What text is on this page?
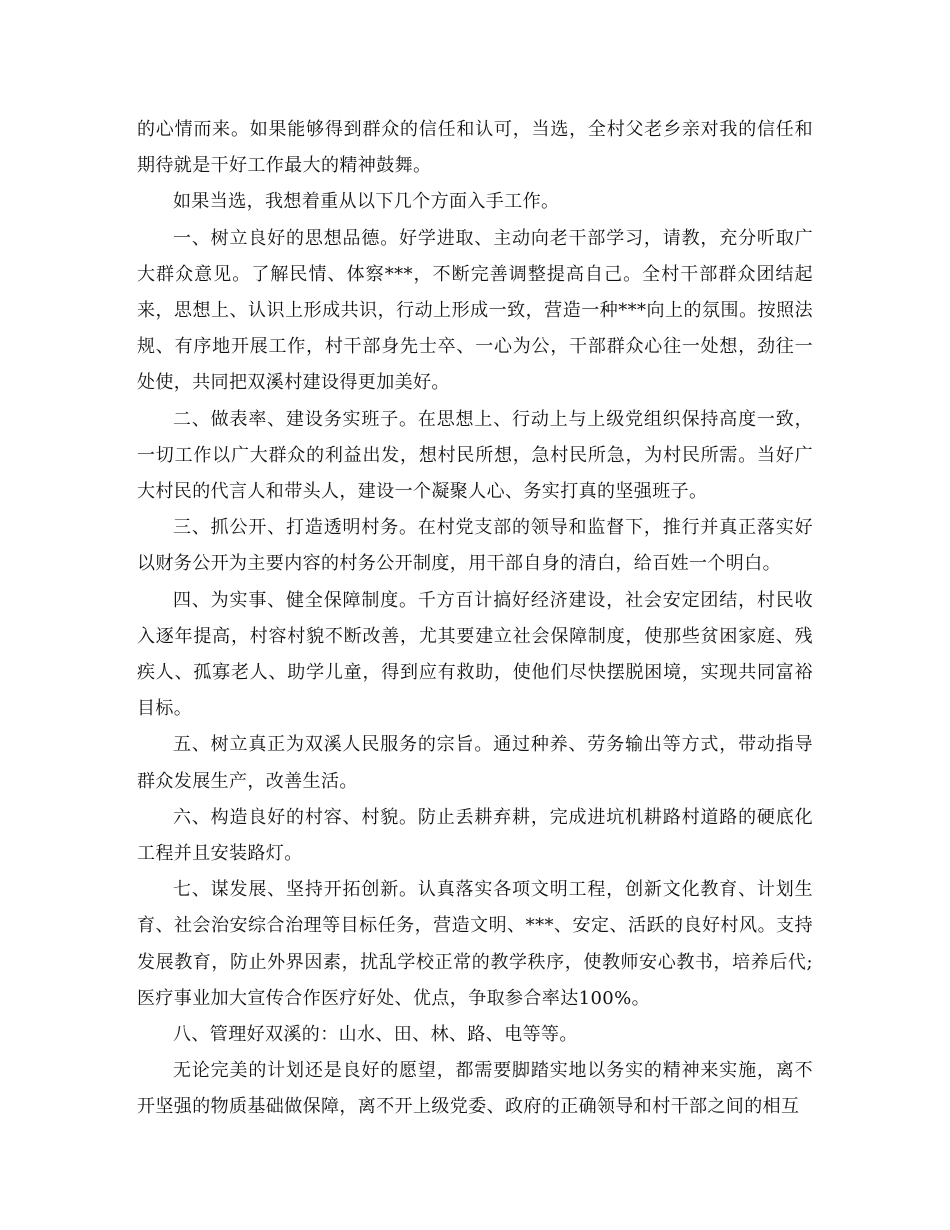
的心情而来。如果能够得到群众的信任和认可，当选，全村父老乡亲对我的信任和期待就是干好工作最大的精神鼓舞。

如果当选，我想着重从以下几个方面入手工作。

一、树立良好的思想品德。好学进取、主动向老干部学习，请教，充分听取广大群众意见。了解民情、体察***，不断完善调整提高自己。全村干部群众团结起来，思想上、认识上形成共识，行动上形成一致，营造一种***向上的氛围。按照法规、有序地开展工作，村干部身先士卒、一心为公，干部群众心往一处想，劲往一处使，共同把双溪村建设得更加美好。

二、做表率、建设务实班子。在思想上、行动上与上级党组织保持高度一致，一切工作以广大群众的利益出发，想村民所想，急村民所急，为村民所需。当好广大村民的代言人和带头人，建设一个凝聚人心、务实打真的坚强班子。

三、抓公开、打造透明村务。在村党支部的领导和监督下，推行并真正落实好以财务公开为主要内容的村务公开制度，用干部自身的清白，给百姓一个明白。

四、为实事、健全保障制度。千方百计搞好经济建设，社会安定团结，村民收入逐年提高，村容村貌不断改善，尤其要建立社会保障制度，使那些贫困家庭、残疾人、孤寡老人、助学儿童，得到应有救助，使他们尽快摆脱困境，实现共同富裕目标。

五、树立真正为双溪人民服务的宗旨。通过种养、劳务输出等方式，带动指导群众发展生产，改善生活。

六、构造良好的村容、村貌。防止丢耕弃耕，完成进坑机耕路村道路的硬底化工程并且安装路灯。

七、谋发展、坚持开拓创新。认真落实各项文明工程，创新文化教育、计划生育、社会治安综合治理等目标任务，营造文明、***、安定、活跃的良好村风。支持发展教育，防止外界因素，扰乱学校正常的教学秩序，使教师安心教书，培养后代;医疗事业加大宣传合作医疗好处、优点，争取参合率达100%。

八、管理好双溪的：山水、田、林、路、电等等。

无论完美的计划还是良好的愿望，都需要脚踏实地以务实的精神来实施，离不开坚强的物质基础做保障，离不开上级党委、政府的正确领导和村干部之间的相互
